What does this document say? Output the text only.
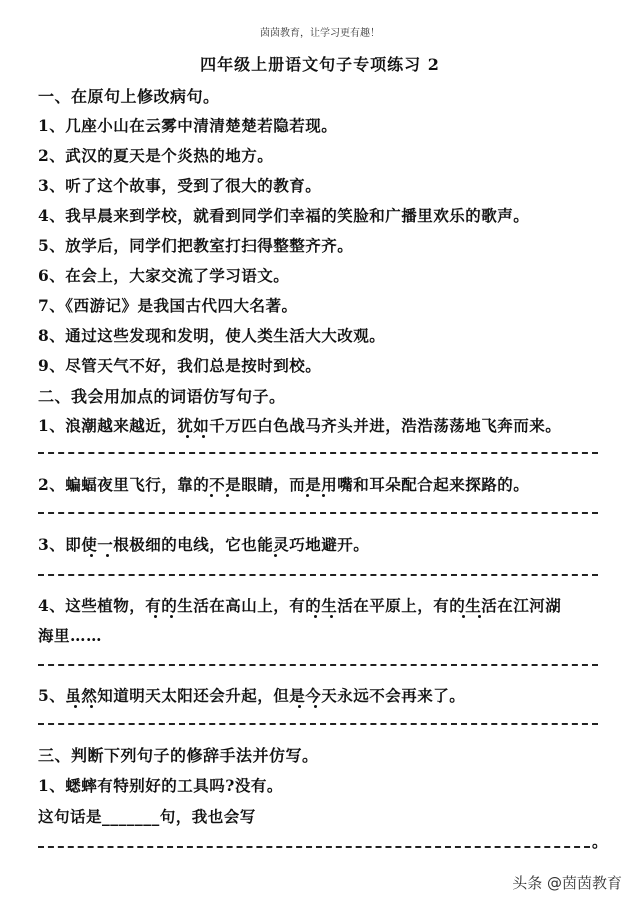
茵茵教育，让学习更有趣！
四年级上册语文句子专项练习 2
一、在原句上修改病句。
1、几座小山在云雾中清清楚楚若隐若现。
2、武汉的夏天是个炎热的地方。
3、听了这个故事，受到了很大的教育。
4、我早晨来到学校，就看到同学们幸福的笑脸和广播里欢乐的歌声。
5、放学后，同学们把教室打扫得整整齐齐。
6、在会上，大家交流了学习语文。
7、《西游记》是我国古代四大名著。
8、通过这些发现和发明，使人类生活大大改观。
9、尽管天气不好，我们总是按时到校。
二、我会用加点的词语仿写句子。
1、浪潮越来越近，犹如千万匹白色战马齐头并进，浩浩荡荡地飞奔而来。
2、蝙蝠夜里飞行，靠的不是眼睛，而是用嘴和耳朵配合起来探路的。
3、即使一根极细的电线，它也能灵巧地避开。
4、这些植物，有的生活在高山上，有的生活在平原上，有的生活在江河湖
海里……
5、虽然知道明天太阳还会升起，但是今天永远不会再来了。
三、判断下列句子的修辞手法并仿写。
1、蟋蟀有特别好的工具吗?没有。
这句话是_______句，我也会写
。
头条 @茵茵教育
